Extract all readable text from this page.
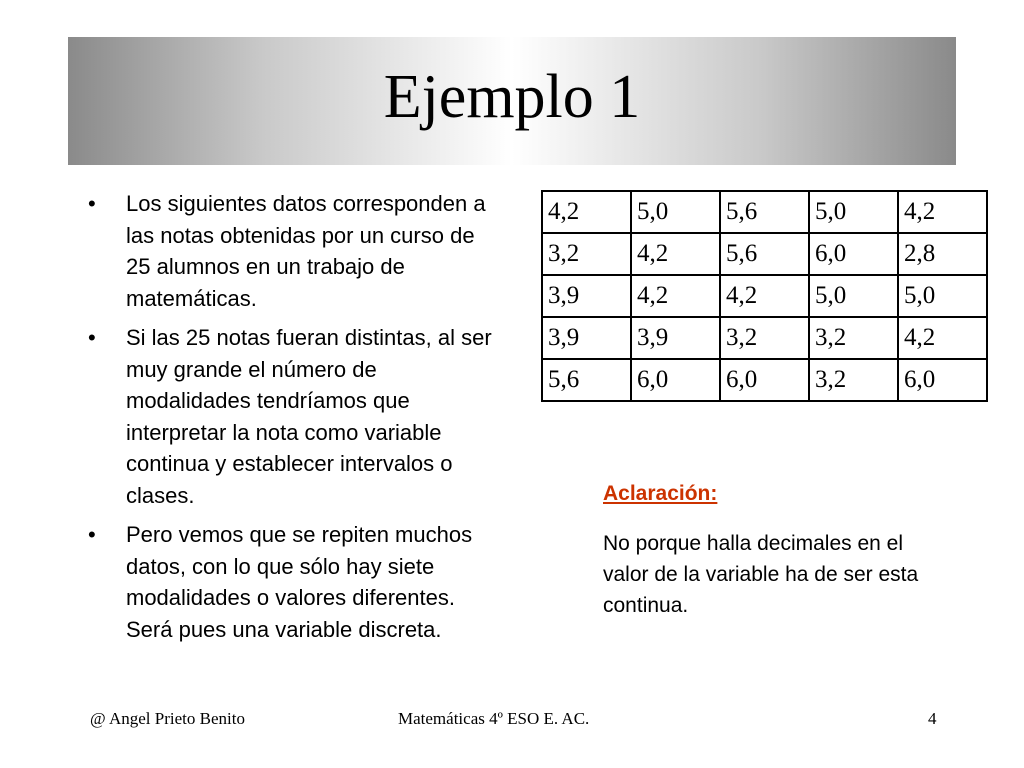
Ejemplo 1
• Los siguientes datos corresponden a las notas obtenidas por un curso de 25 alumnos en un trabajo de matemáticas.
• Si las 25 notas fueran distintas, al ser muy grande el número de modalidades tendríamos que interpretar la nota como variable continua y establecer intervalos o clases.
• Pero vemos que se repiten muchos datos, con lo que sólo hay siete modalidades o valores diferentes. Será pues una variable discreta.
4,2	5,0	5,6	5,0	4,2
3,2	4,2	5,6	6,0	2,8
3,9	4,2	4,2	5,0	5,0
3,9	3,9	3,2	3,2	4,2
5,6	6,0	6,0	3,2	6,0
Aclaración:
No porque halla decimales en el valor de la variable ha de ser esta continua.
@ Angel Prieto Benito	Matemáticas 4º ESO E. AC.	4
